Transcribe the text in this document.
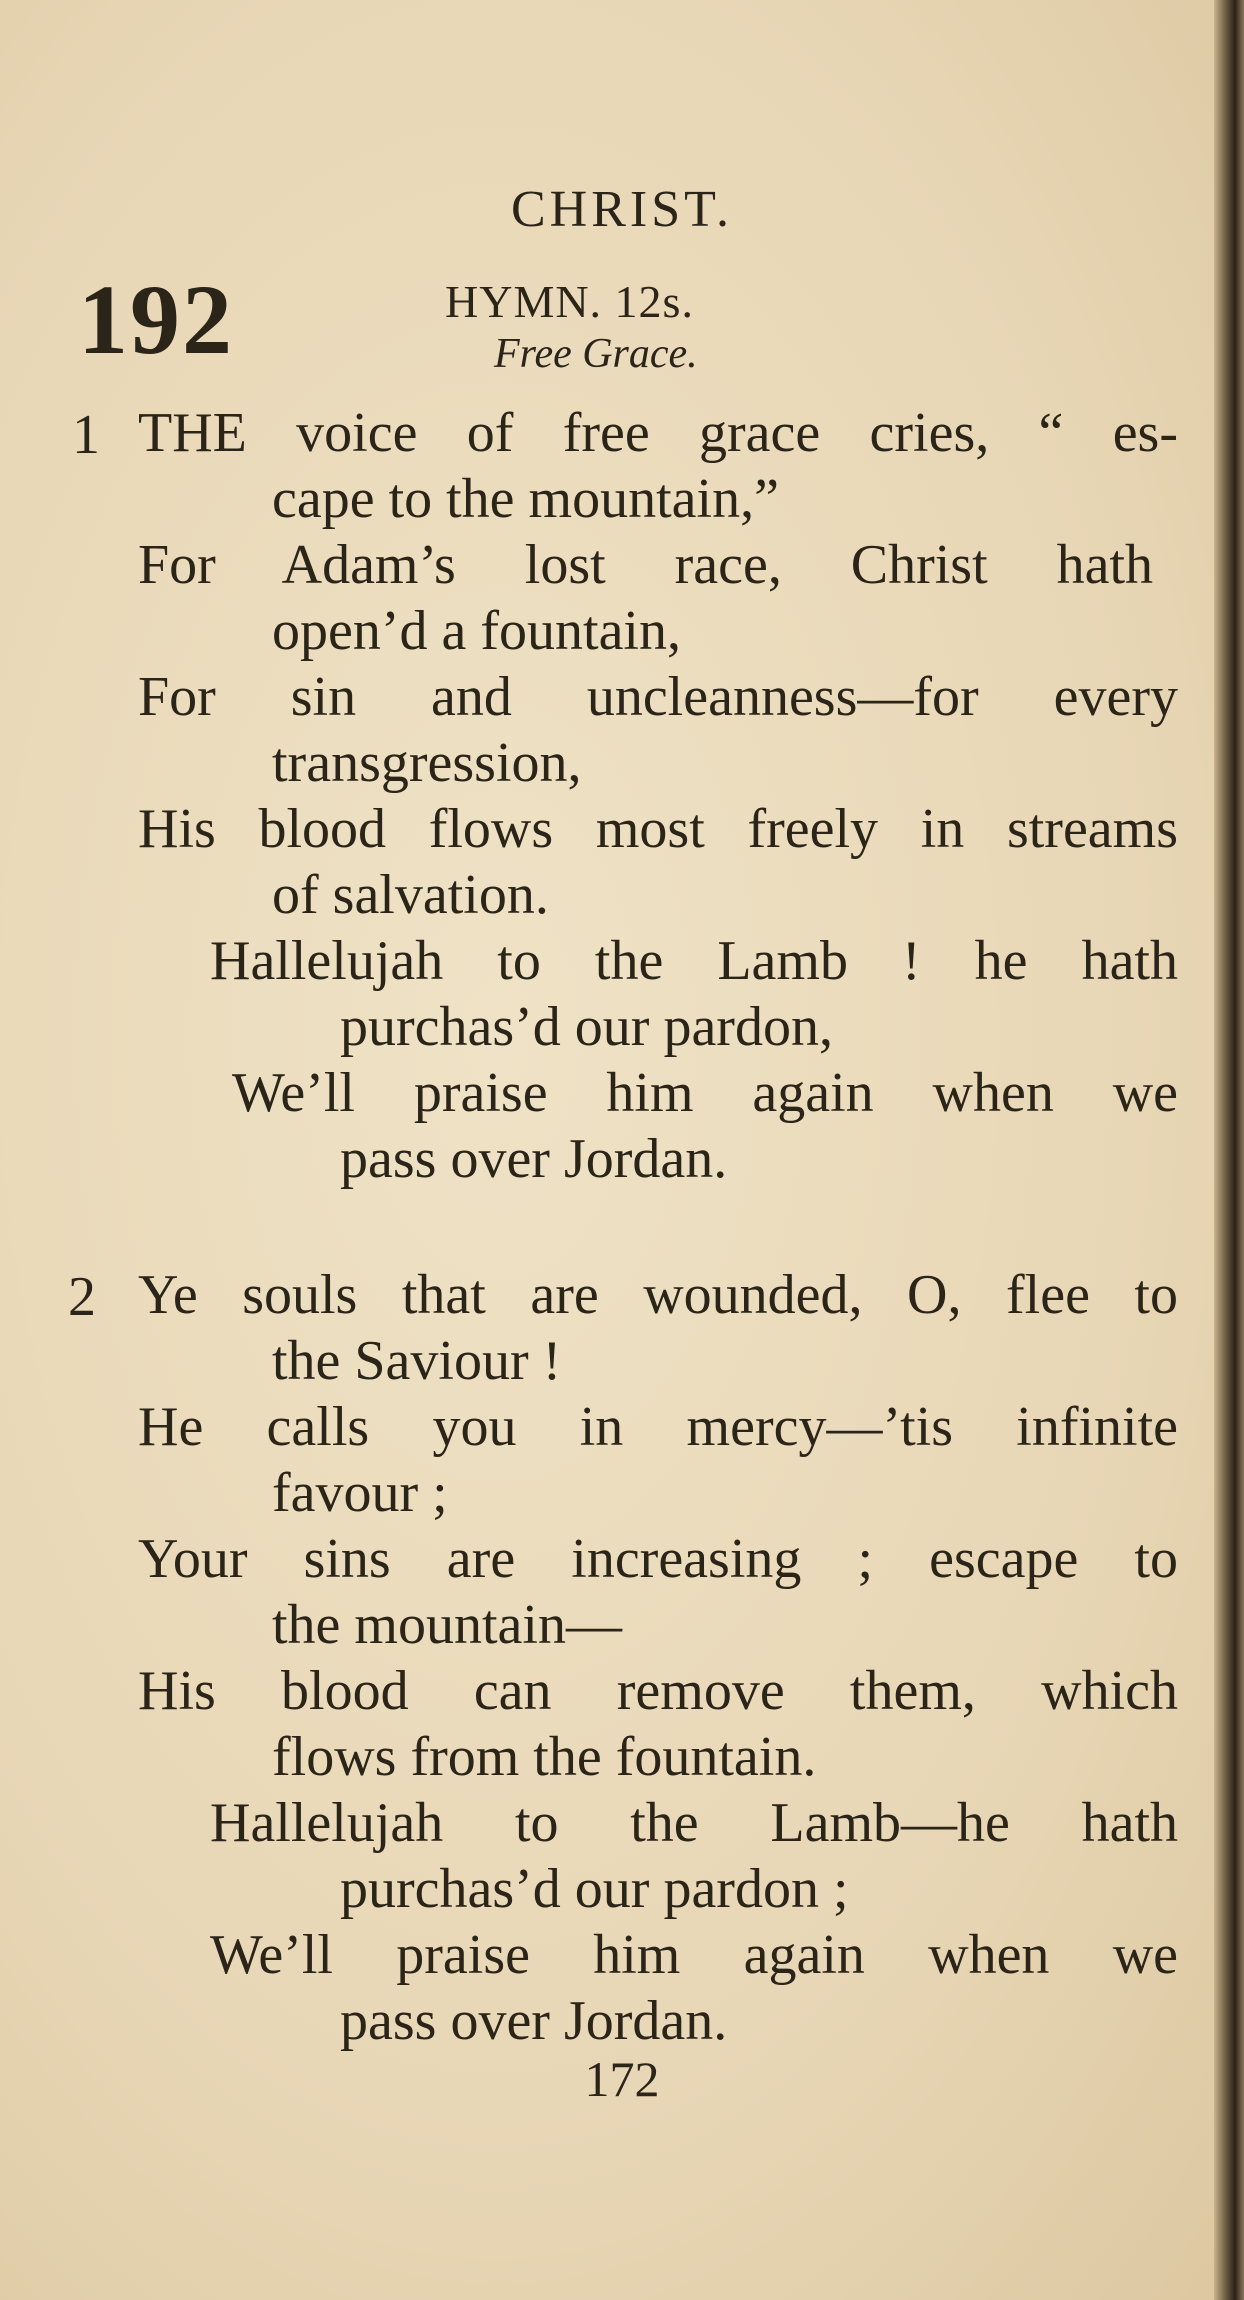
CHRIST.
192	HYMN. 12s.
Free Grace.
1 THE voice of free grace cries, “ es-
cape to the mountain,”
For Adam’s lost race, Christ hath
open’d a fountain,
For sin and uncleanness—for every
transgression,
His blood flows most freely in streams
of salvation.
Hallelujah to the Lamb ! he hath
purchas’d our pardon,
We’ll praise him again when we
pass over Jordan.
2 Ye souls that are wounded, O, flee to
the Saviour !
He calls you in mercy—’tis infinite
favour ;
Your sins are increasing ; escape to
the mountain—
His blood can remove them, which
flows from the fountain.
Hallelujah to the Lamb—he hath
purchas’d our pardon ;
We’ll praise him again when we
pass over Jordan.
172
